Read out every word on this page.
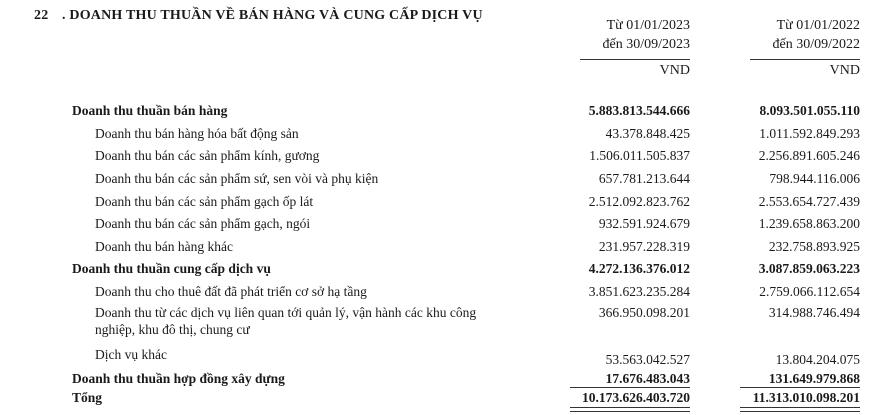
22 . DOANH THU THUẦN VỀ BÁN HÀNG VÀ CUNG CẤP DỊCH VỤ
Từ 01/01/2023
đến 30/09/2023
VND
Từ 01/01/2022
đến 30/09/2022
VND
Doanh thu thuần bán hàng	5.883.813.544.666	8.093.501.055.110
Doanh thu bán hàng hóa bất động sản	43.378.848.425	1.011.592.849.293
Doanh thu bán các sản phẩm kính, gương	1.506.011.505.837	2.256.891.605.246
Doanh thu bán các sản phẩm sứ, sen vòi và phụ kiện	657.781.213.644	798.944.116.006
Doanh thu bán các sản phẩm gạch ốp lát	2.512.092.823.762	2.553.654.727.439
Doanh thu bán các sản phẩm gạch, ngói	932.591.924.679	1.239.658.863.200
Doanh thu bán hàng khác	231.957.228.319	232.758.893.925
Doanh thu thuần cung cấp dịch vụ	4.272.136.376.012	3.087.859.063.223
Doanh thu cho thuê đất đã phát triển cơ sở hạ tầng	3.851.623.235.284	2.759.066.112.654
Doanh thu từ các dịch vụ liên quan tới quản lý, vận hành các khu công nghiệp, khu đô thị, chung cư
366.950.098.201	314.988.746.494
Dịch vụ khác	53.563.042.527	13.804.204.075
Doanh thu thuần hợp đồng xây dựng	17.676.483.043	131.649.979.868
Tổng	10.173.626.403.720	11.313.010.098.201
